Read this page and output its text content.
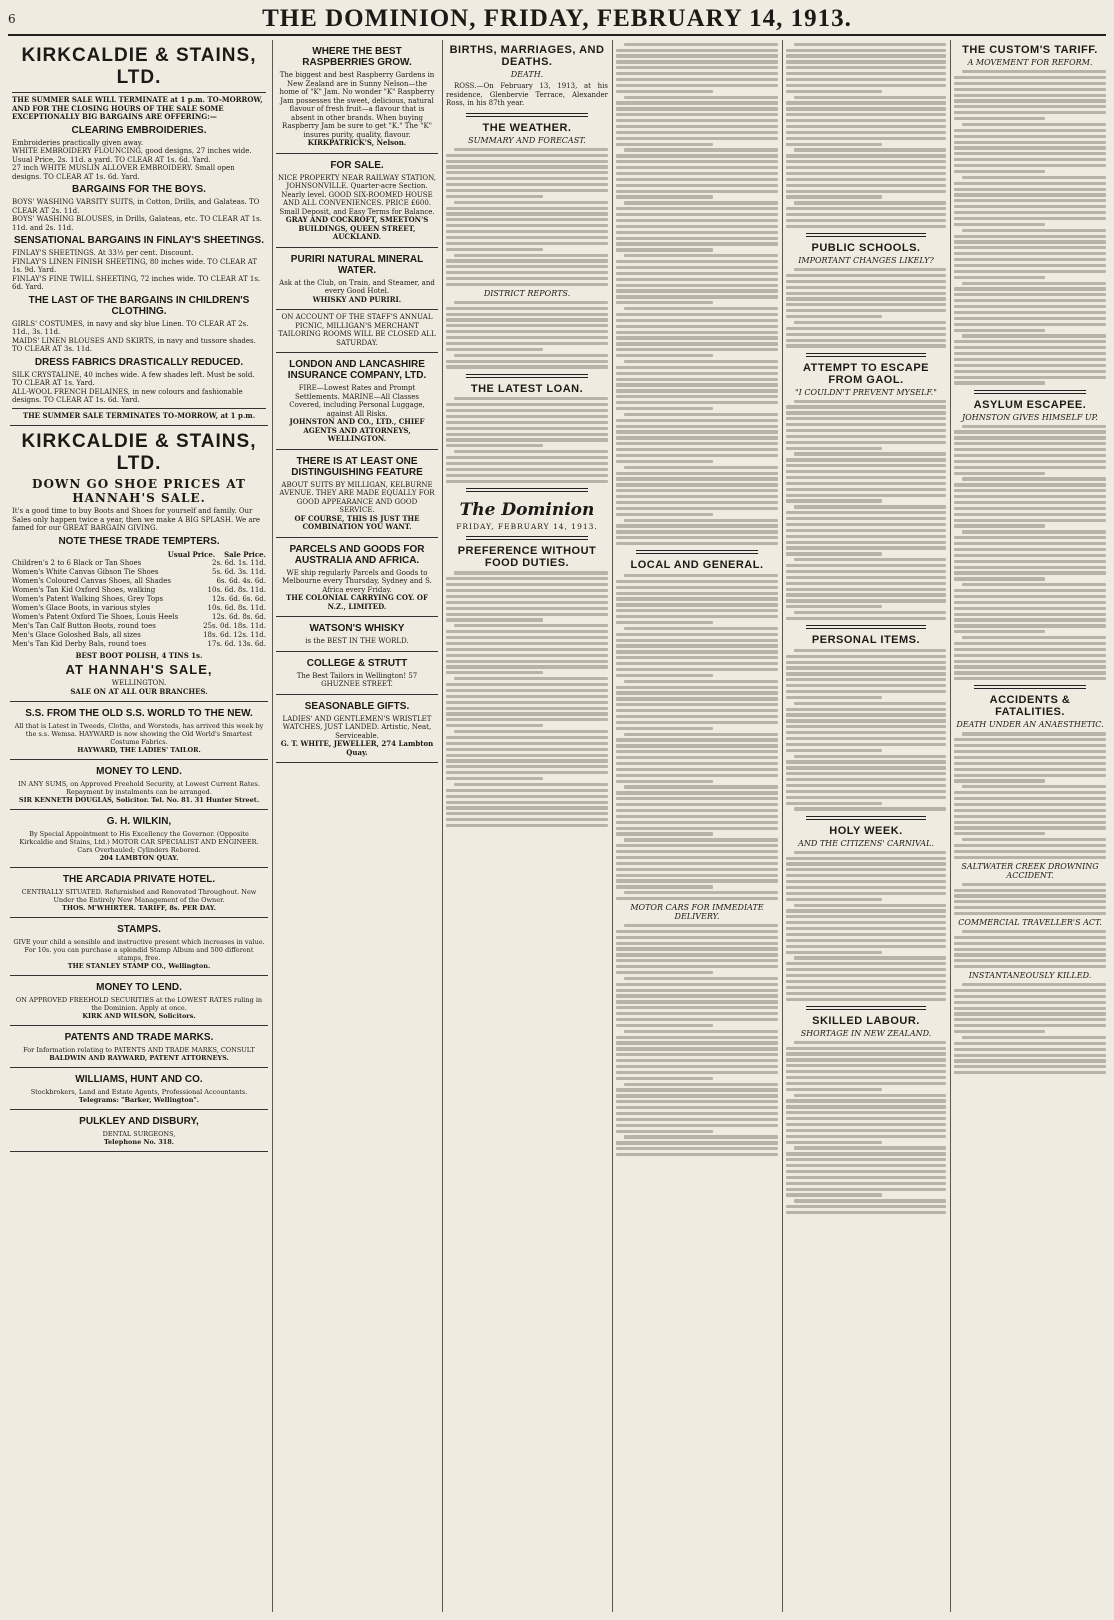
6	THE DOMINION, FRIDAY, FEBRUARY 14, 1913.
KIRKCALDIE & STAINS, LTD.
THE SUMMER SALE WILL TERMINATE at 1 p.m. TO-MORROW, AND FOR THE CLOSING HOURS OF THE SALE SOME EXCEPTIONALLY BIG BARGAINS ARE OFFERING:—
CLEARING EMBROIDERIES.
Embroideries practically given away.
WHITE EMBROIDERY FLOUNCING, good designs, 27 inches wide. Usual Price, 2s. 11d. a yard. TO CLEAR AT 1s. 6d. Yard.
27 inch WHITE MUSLIN ALLOVER EMBROIDERY. Small open designs. TO CLEAR AT 1s. 6d. Yard.
BARGAINS FOR THE BOYS.
BOYS' WASHING VARSITY SUITS, in Cotton, Drills, and Galateas. TO CLEAR AT 2s. 11d.
BOYS' WASHING BLOUSES, in Drills, Galateas, etc. TO CLEAR AT 1s. 11d. and 2s. 11d.
SENSATIONAL BARGAINS IN FINLAY'S SHEETINGS.
FINLAY'S SHEETINGS. At 33⅓ per cent. Discount.
FINLAY'S LINEN FINISH SHEETING, 80 inches wide. TO CLEAR AT 1s. 9d. Yard.
FINLAY'S FINE TWILL SHEETING, 72 inches wide. TO CLEAR AT 1s. 6d. Yard.
THE LAST OF THE BARGAINS IN CHILDREN'S CLOTHING.
GIRLS' COSTUMES, in navy and sky blue Linen. TO CLEAR AT 2s. 11d., 3s. 11d.
MAIDS' LINEN BLOUSES AND SKIRTS, in navy and tussore shades. TO CLEAR AT 3s. 11d.
DRESS FABRICS DRASTICALLY REDUCED.
SILK CRYSTALINE, 40 inches wide. A few shades left. Must be sold. TO CLEAR AT 1s. Yard.
ALL-WOOL FRENCH DELAINES, in new colours and fashionable designs. TO CLEAR AT 1s. 6d. Yard.
THE SUMMER SALE TERMINATES TO-MORROW, at 1 p.m.
KIRKCALDIE & STAINS, LTD.
DOWN GO SHOE PRICES AT HANNAH'S SALE.
It's a good time to buy Boots and Shoes for yourself and family. Our Sales only happen twice a year, then we make A BIG SPLASH. We are famed for our GREAT BARGAIN GIVING.
NOTE THESE TRADE TEMPTERS.
Usual Price. Sale Price.
Children's 2 to 6 Black or Tan Shoes	2s. 6d. 1s. 11d.
Women's White Canvas Gibson Tie Shoes	5s. 6d. 3s. 11d.
Women's Coloured Canvas Shoes, all Shades	6s. 6d. 4s. 6d.
Women's Tan Kid Oxford Shoes, walking	10s. 6d. 8s. 11d.
Women's Patent Walking Shoes, Grey Tops	12s. 6d. 6s. 6d.
Women's Glace Boots, in various styles	10s. 6d. 8s. 11d.
Women's Patent Oxford Tie Shoes, Louis Heels	12s. 6d. 8s. 6d.
Men's Tan Calf Button Boots, round toes	25s. 0d. 18s. 11d.
Men's Glace Goloshed Bals, all sizes	18s. 6d. 12s. 11d.
Men's Tan Kid Derby Bals, round toes	17s. 6d. 13s. 6d.
BEST BOOT POLISH, 4 TINS 1s.
AT HANNAH'S SALE,
WELLINGTON.
SALE ON AT ALL OUR BRANCHES.
S.S. FROM THE OLD S.S. WORLD TO THE NEW.
All that is Latest in Tweeds, Cloths, and Worsteds, has arrived this week by the s.s. Wemsa. HAYWARD is now showing the Old World's Smartest Costume Fabrics.
HAYWARD, THE LADIES' TAILOR.
MONEY TO LEND.
IN ANY SUMS, on Approved Freehold Security, at Lowest Current Rates. Repayment by instalments can be arranged.
SIR KENNETH DOUGLAS, Solicitor. Tel. No. 81. 31 Hunter Street.
G. H. WILKIN,
By Special Appointment to His Excellency the Governor. (Opposite Kirkcaldie and Stains, Ltd.) MOTOR CAR SPECIALIST AND ENGINEER. Cars Overhauled; Cylinders Rebored.
204 LAMBTON QUAY.
THE ARCADIA PRIVATE HOTEL.
CENTRALLY SITUATED. Refurnished and Renovated Throughout. New Under the Entirely New Management of the Owner.
THOS. M'WHIRTER. TARIFF, 8s. PER DAY.
STAMPS.
GIVE your child a sensible and instructive present which increases in value. For 10s. you can purchase a splendid Stamp Album and 500 different stamps, free.
THE STANLEY STAMP CO., Wellington.
MONEY TO LEND.
ON APPROVED FREEHOLD SECURITIES at the LOWEST RATES ruling in the Dominion. Apply at once.
KIRK AND WILSON, Solicitors.
PATENTS AND TRADE MARKS.
For Information relating to PATENTS AND TRADE MARKS, CONSULT
BALDWIN AND RAYWARD, PATENT ATTORNEYS.
WILLIAMS, HUNT AND CO.
Stockbrokers, Land and Estate Agents, Professional Accountants.
Telegrams: "Barker, Wellington".
PULKLEY AND DISBURY,
DENTAL SURGEONS,
Telephone No. 318.
WHERE THE BEST RASPBERRIES GROW.
The biggest and best Raspberry Gardens in New Zealand are in Sunny Nelson—the home of "K" Jam. No wonder "K" Raspberry Jam possesses the sweet, delicious, natural flavour of fresh fruit—a flavour that is absent in other brands. When buying Raspberry Jam be sure to get "K." The "K" insures purity, quality, flavour.
KIRKPATRICK'S, Nelson.
FOR SALE.
NICE PROPERTY NEAR RAILWAY STATION, JOHNSONVILLE. Quarter-acre Section. Nearly level. GOOD SIX-ROOMED HOUSE AND ALL CONVENIENCES. PRICE £600. Small Deposit, and Easy Terms for Balance.
GRAY AND COCKROFT, SMEETON'S BUILDINGS, QUEEN STREET, AUCKLAND.
PURIRI NATURAL MINERAL WATER.
Ask at the Club, on Train, and Steamer, and every Good Hotel.
WHISKY AND PURIRI.
ON ACCOUNT OF THE STAFF'S ANNUAL PICNIC, MILLIGAN'S MERCHANT TAILORING ROOMS WILL BE CLOSED ALL SATURDAY.
LONDON AND LANCASHIRE INSURANCE COMPANY, LTD.
FIRE—Lowest Rates and Prompt Settlements. MARINE—All Classes Covered, including Personal Luggage, against All Risks.
JOHNSTON AND CO., LTD., CHIEF AGENTS AND ATTORNEYS, WELLINGTON.
THERE IS AT LEAST ONE DISTINGUISHING FEATURE
ABOUT SUITS BY MILLIGAN, KELBURNE AVENUE. THEY ARE MADE EQUALLY FOR GOOD APPEARANCE AND GOOD SERVICE.
OF COURSE, THIS IS JUST THE COMBINATION YOU WANT.
PARCELS AND GOODS FOR AUSTRALIA AND AFRICA.
WE ship regularly Parcels and Goods to Melbourne every Thursday, Sydney and S. Africa every Friday.
THE COLONIAL CARRYING COY. OF N.Z., LIMITED.
WATSON'S WHISKY
is the BEST IN THE WORLD.
COLLEGE & STRUTT
The Best Tailors in Wellington! 57 GHUZNEE STREET.
SEASONABLE GIFTS.
LADIES' AND GENTLEMEN'S WRISTLET WATCHES, JUST LANDED. Artistic, Neat, Serviceable.
G. T. WHITE, JEWELLER, 274 Lambton Quay.
BIRTHS, MARRIAGES, AND DEATHS.
DEATH.

ROSS.—On February 13, 1913, at his residence, Glenbervie Terrace, Alexander Ross, in his 87th year.

THE WEATHER.
SUMMARY AND FORECAST.
DISTRICT REPORTS.
THE LATEST LOAN.
The Dominion
FRIDAY, FEBRUARY 14, 1913.
PREFERENCE WITHOUT FOOD DUTIES.	LOCAL AND GENERAL.
MOTOR CARS FOR IMMEDIATE DELIVERY.
PUBLIC SCHOOLS.
IMPORTANT CHANGES LIKELY?
ATTEMPT TO ESCAPE FROM GAOL.
"I COULDN'T PREVENT MYSELF."
PERSONAL ITEMS.
HOLY WEEK.
AND THE CITIZENS' CARNIVAL.
SKILLED LABOUR.
SHORTAGE IN NEW ZEALAND.
THE CUSTOM'S TARIFF.
A MOVEMENT FOR REFORM.
ASYLUM ESCAPEE.
JOHNSTON GIVES HIMSELF UP.
ACCIDENTS & FATALITIES.
DEATH UNDER AN ANAESTHETIC.
SALTWATER CREEK DROWNING ACCIDENT.
COMMERCIAL TRAVELLER'S ACT.
INSTANTANEOUSLY KILLED.
